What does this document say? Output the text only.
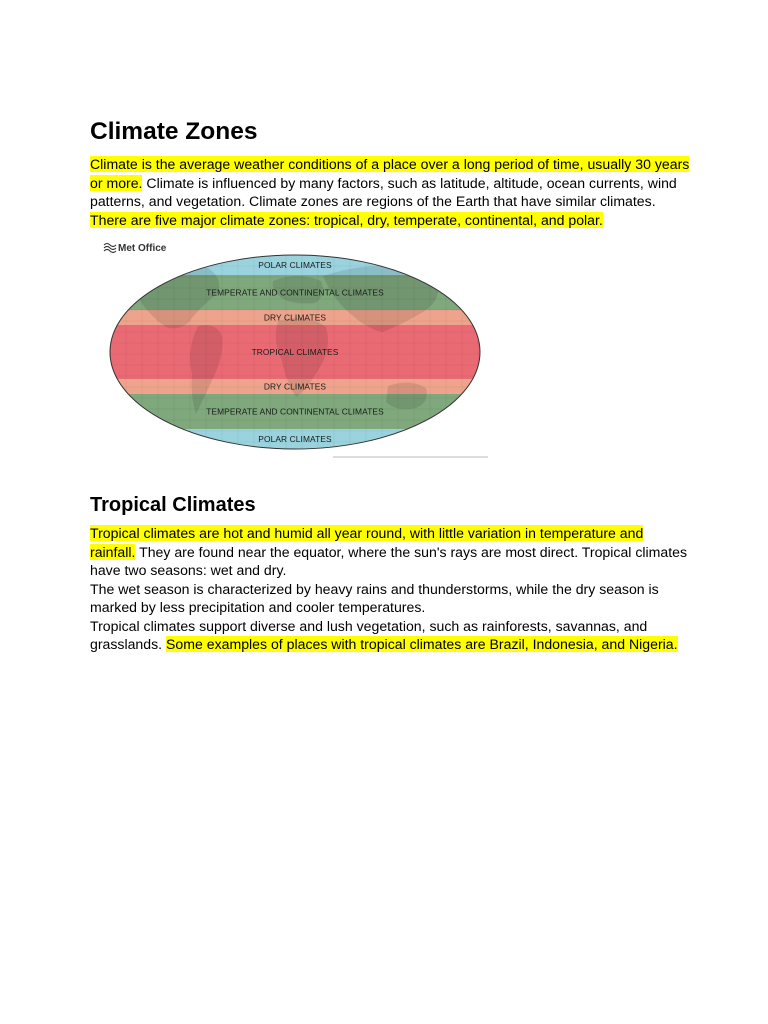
Climate Zones
Climate is the average weather conditions of a place over a long period of time, usually 30 years
or more. Climate is influenced by many factors, such as latitude, altitude, ocean currents, wind
patterns, and vegetation. Climate zones are regions of the Earth that have similar climates.
There are five major climate zones: tropical, dry, temperate, continental, and polar.
Met Office
POLAR CLIMATES
TEMPERATE AND CONTINENTAL CLIMATES
DRY CLIMATES
TROPICAL CLIMATES
DRY CLIMATES
TEMPERATE AND CONTINENTAL CLIMATES
POLAR CLIMATES
Tropical Climates
Tropical climates are hot and humid all year round, with little variation in temperature and
rainfall. They are found near the equator, where the sun's rays are most direct. Tropical climates
have two seasons: wet and dry.
The wet season is characterized by heavy rains and thunderstorms, while the dry season is
marked by less precipitation and cooler temperatures.
Tropical climates support diverse and lush vegetation, such as rainforests, savannas, and
grasslands. Some examples of places with tropical climates are Brazil, Indonesia, and Nigeria.
